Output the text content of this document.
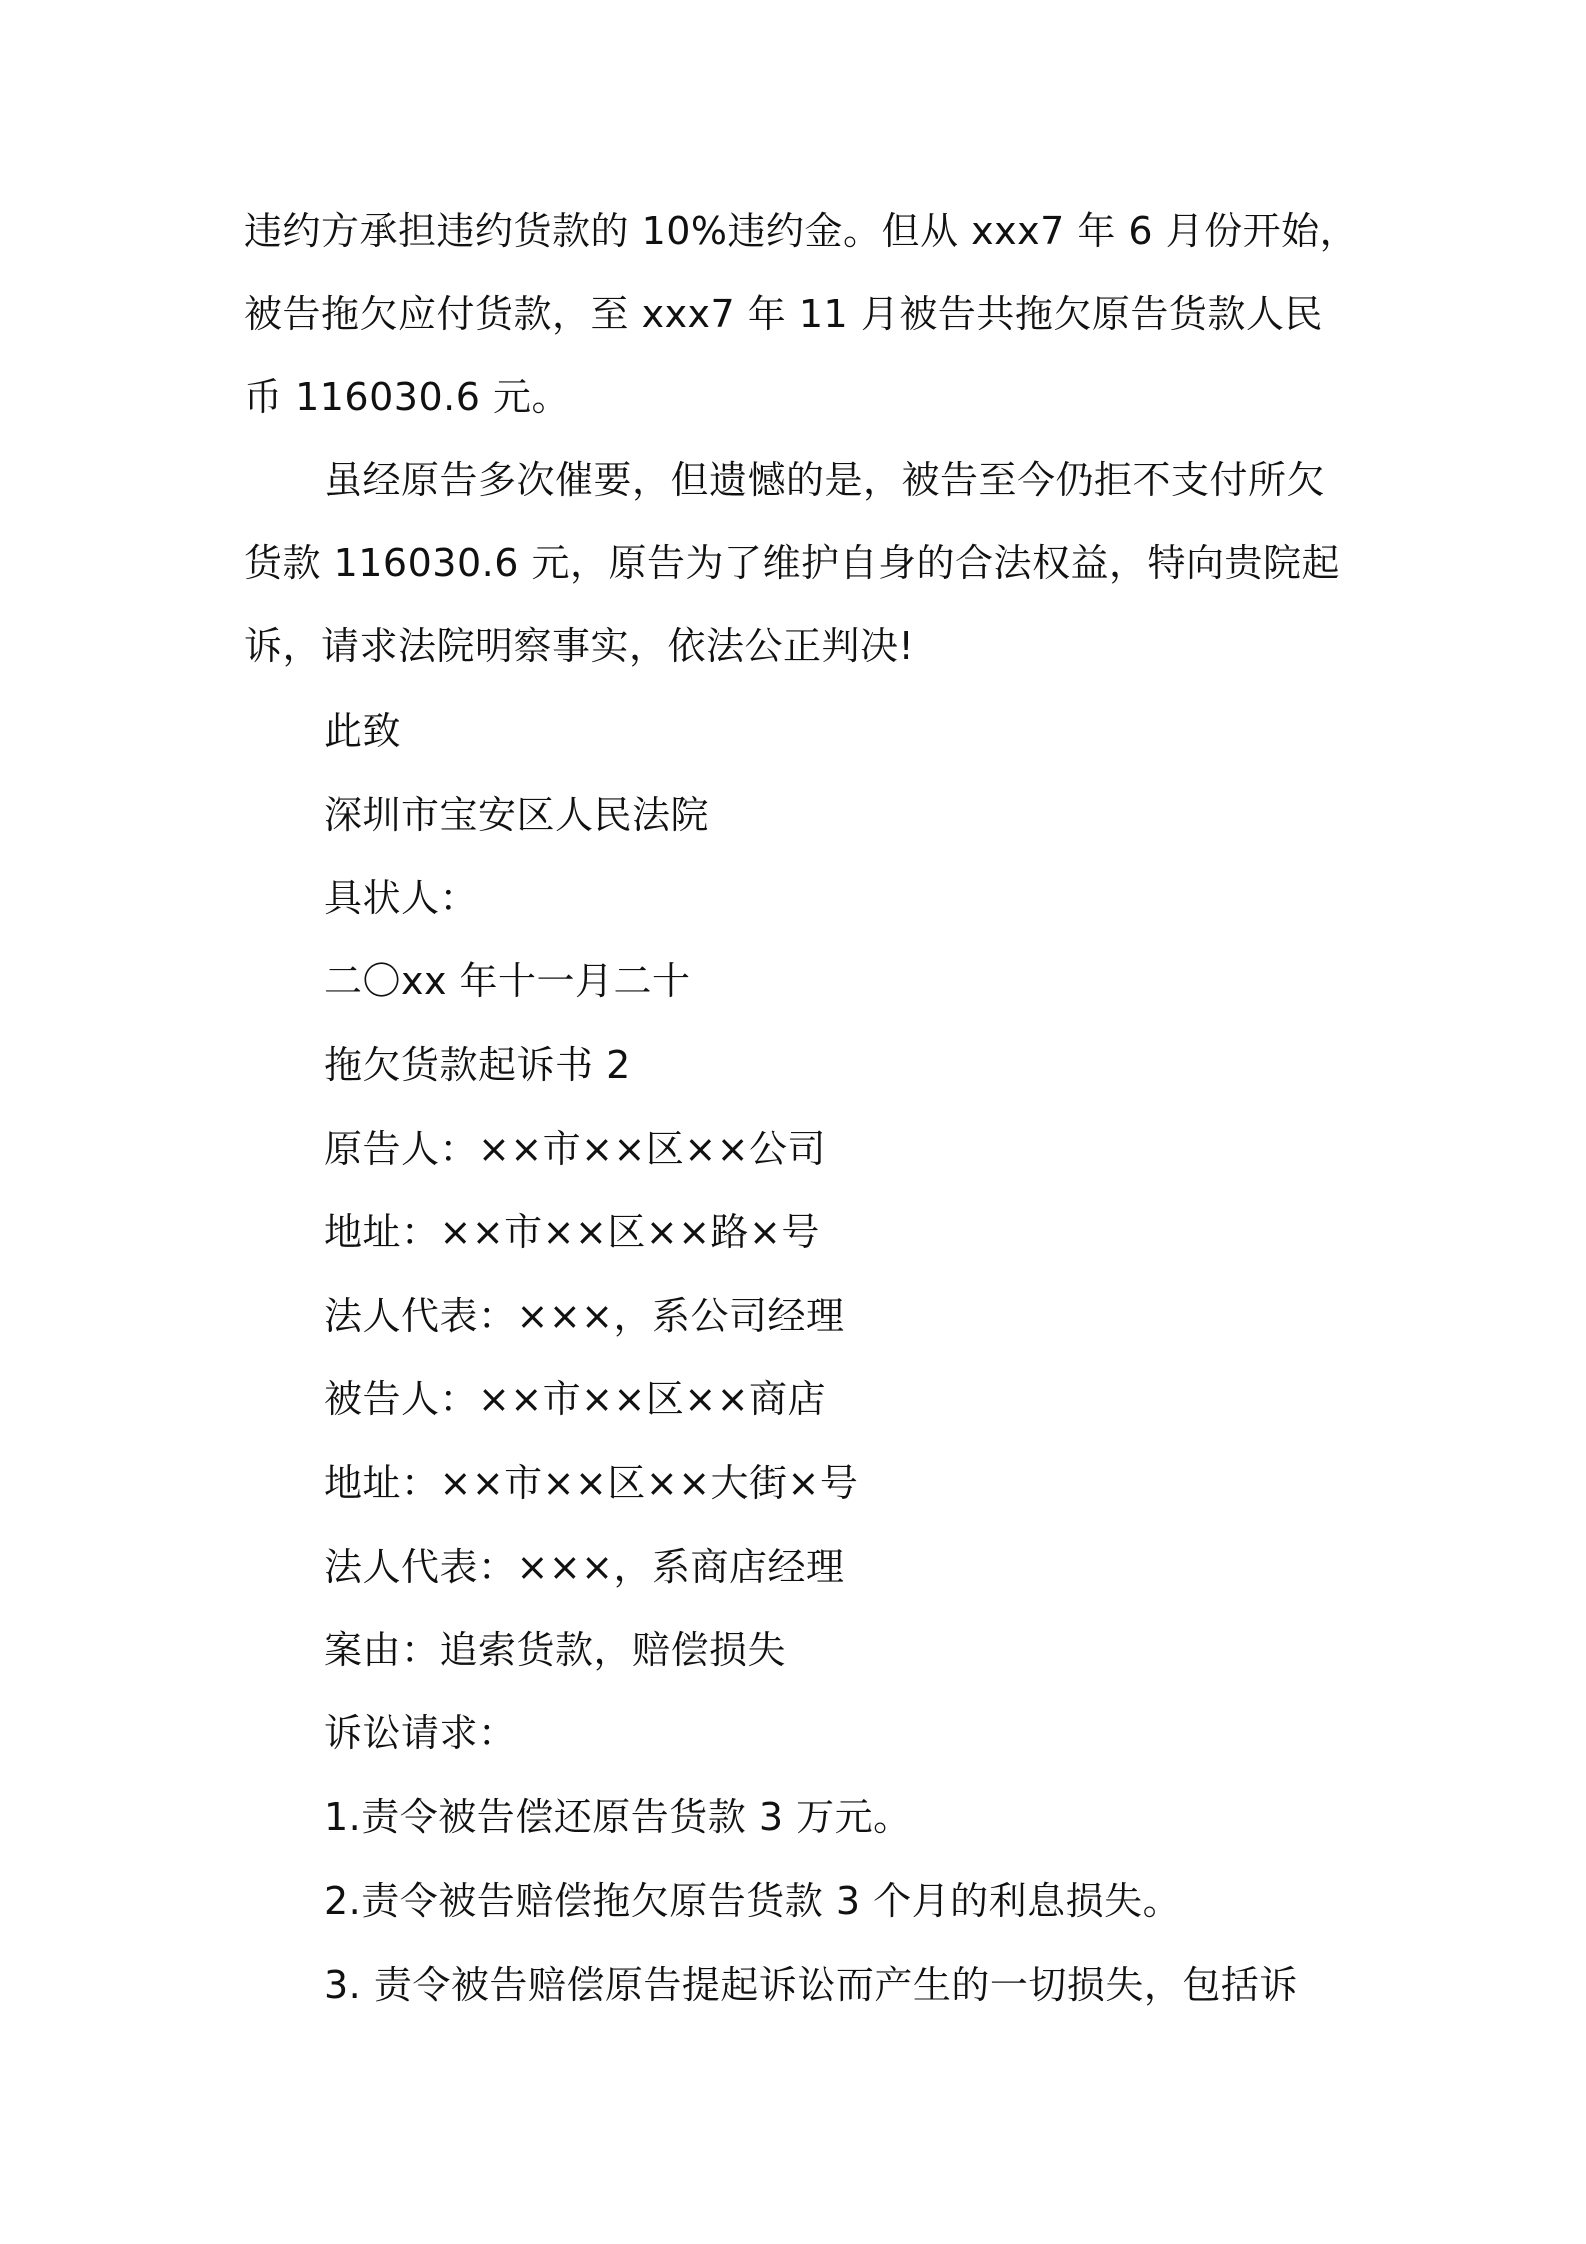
违约方承担违约货款的 10%违约金。但从 xxx7 年 6 月份开始，

被告拖欠应付货款，至 xxx7 年 11 月被告共拖欠原告货款人民

币 116030.6 元。

虽经原告多次催要，但遗憾的是，被告至今仍拒不支付所欠

货款 116030.6 元，原告为了维护自身的合法权益，特向贵院起

诉，请求法院明察事实，依法公正判决!

此致

深圳市宝安区人民法院

具状人：

二〇xx 年十一月二十

拖欠货款起诉书 2

原告人：××市××区××公司

地址：××市××区××路×号

法人代表：×××，系公司经理

被告人：××市××区××商店

地址：××市××区××大街×号

法人代表：×××，系商店经理

案由：追索货款，赔偿损失

诉讼请求：

1.责令被告偿还原告货款 3 万元。

2.责令被告赔偿拖欠原告货款 3 个月的利息损失。

3. 责令被告赔偿原告提起诉讼而产生的一切损失，包括诉
